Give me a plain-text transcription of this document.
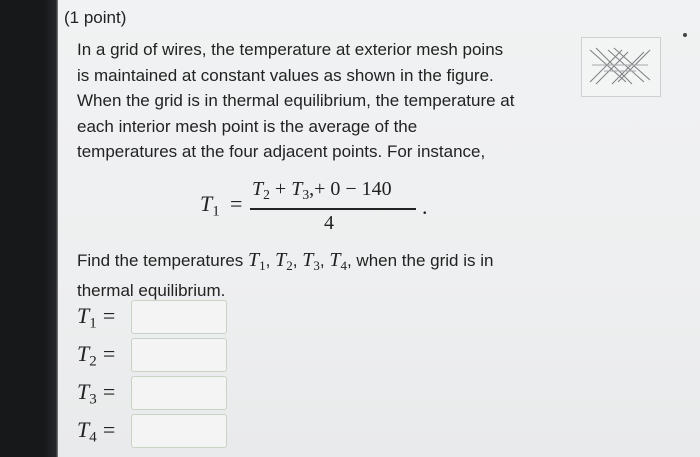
(1 point)
In a grid of wires, the temperature at exterior mesh poins
is maintained at constant values as shown in the figure.
When the grid is in thermal equilibrium, the temperature at
each interior mesh point is the average of the
temperatures at the four adjacent points. For instance,
$T_1$ =
$T_2 + T_3,+ 0 - 140$
4
.
Find the temperatures $T_1$, $T_2$, $T_3$, $T_4$, when the grid is in
thermal equilibrium.
$T_1$ =
$T_2$ =
$T_3$ =
$T_4$ =
